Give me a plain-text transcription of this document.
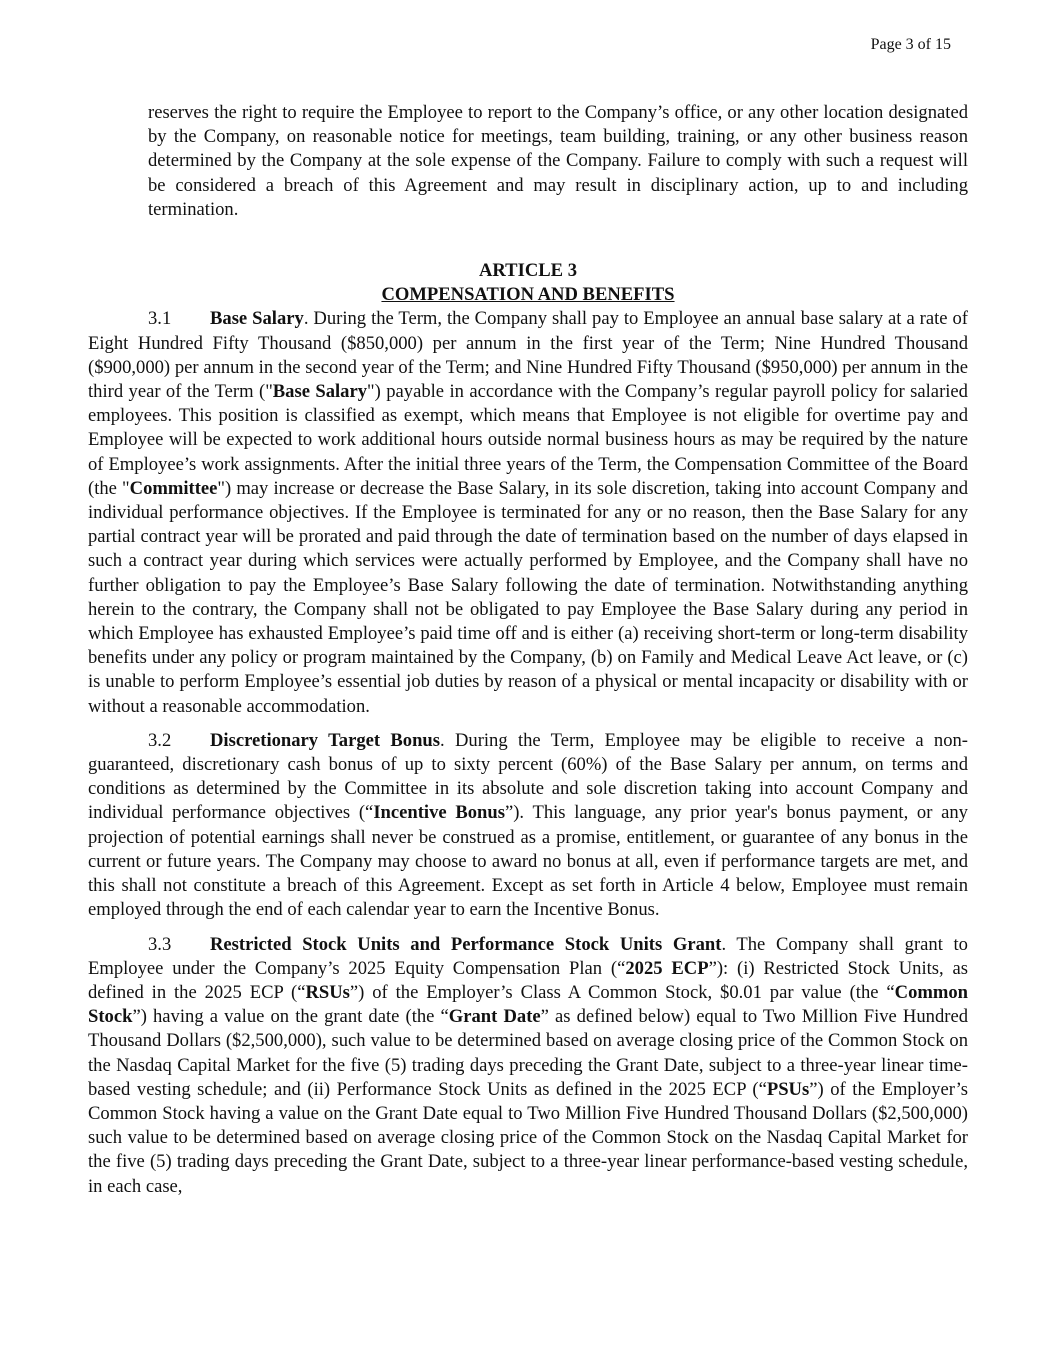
Page 3 of 15

reserves the right to require the Employee to report to the Company’s office, or any other location designated by the Company, on reasonable notice for meetings, team building, training, or any other business reason determined by the Company at the sole expense of the Company. Failure to comply with such a request will be considered a breach of this Agreement and may result in disciplinary action, up to and including termination.

ARTICLE 3
COMPENSATION AND BENEFITS

3.1 Base Salary. During the Term, the Company shall pay to Employee an annual base salary at a rate of Eight Hundred Fifty Thousand ($850,000) per annum in the first year of the Term; Nine Hundred Thousand ($900,000) per annum in the second year of the Term; and Nine Hundred Fifty Thousand ($950,000) per annum in the third year of the Term ("Base Salary") payable in accordance with the Company’s regular payroll policy for salaried employees. This position is classified as exempt, which means that Employee is not eligible for overtime pay and Employee will be expected to work additional hours outside normal business hours as may be required by the nature of Employee’s work assignments. After the initial three years of the Term, the Compensation Committee of the Board (the "Committee") may increase or decrease the Base Salary, in its sole discretion, taking into account Company and individual performance objectives. If the Employee is terminated for any or no reason, then the Base Salary for any partial contract year will be prorated and paid through the date of termination based on the number of days elapsed in such a contract year during which services were actually performed by Employee, and the Company shall have no further obligation to pay the Employee’s Base Salary following the date of termination. Notwithstanding anything herein to the contrary, the Company shall not be obligated to pay Employee the Base Salary during any period in which Employee has exhausted Employee’s paid time off and is either (a) receiving short-term or long-term disability benefits under any policy or program maintained by the Company, (b) on Family and Medical Leave Act leave, or (c) is unable to perform Employee’s essential job duties by reason of a physical or mental incapacity or disability with or without a reasonable accommodation.

3.2 Discretionary Target Bonus. During the Term, Employee may be eligible to receive a non-guaranteed, discretionary cash bonus of up to sixty percent (60%) of the Base Salary per annum, on terms and conditions as determined by the Committee in its absolute and sole discretion taking into account Company and individual performance objectives (“Incentive Bonus”). This language, any prior year's bonus payment, or any projection of potential earnings shall never be construed as a promise, entitlement, or guarantee of any bonus in the current or future years. The Company may choose to award no bonus at all, even if performance targets are met, and this shall not constitute a breach of this Agreement. Except as set forth in Article 4 below, Employee must remain employed through the end of each calendar year to earn the Incentive Bonus.

3.3 Restricted Stock Units and Performance Stock Units Grant. The Company shall grant to Employee under the Company’s 2025 Equity Compensation Plan (“2025 ECP”): (i) Restricted Stock Units, as defined in the 2025 ECP (“RSUs”) of the Employer’s Class A Common Stock, $0.01 par value (the “Common Stock”) having a value on the grant date (the “Grant Date” as defined below) equal to Two Million Five Hundred Thousand Dollars ($2,500,000), such value to be determined based on average closing price of the Common Stock on the Nasdaq Capital Market for the five (5) trading days preceding the Grant Date, subject to a three-year linear time-based vesting schedule; and (ii) Performance Stock Units as defined in the 2025 ECP (“PSUs”) of the Employer’s Common Stock having a value on the Grant Date equal to Two Million Five Hundred Thousand Dollars ($2,500,000) such value to be determined based on average closing price of the Common Stock on the Nasdaq Capital Market for the five (5) trading days preceding the Grant Date, subject to a three-year linear performance-based vesting schedule, in each case,
